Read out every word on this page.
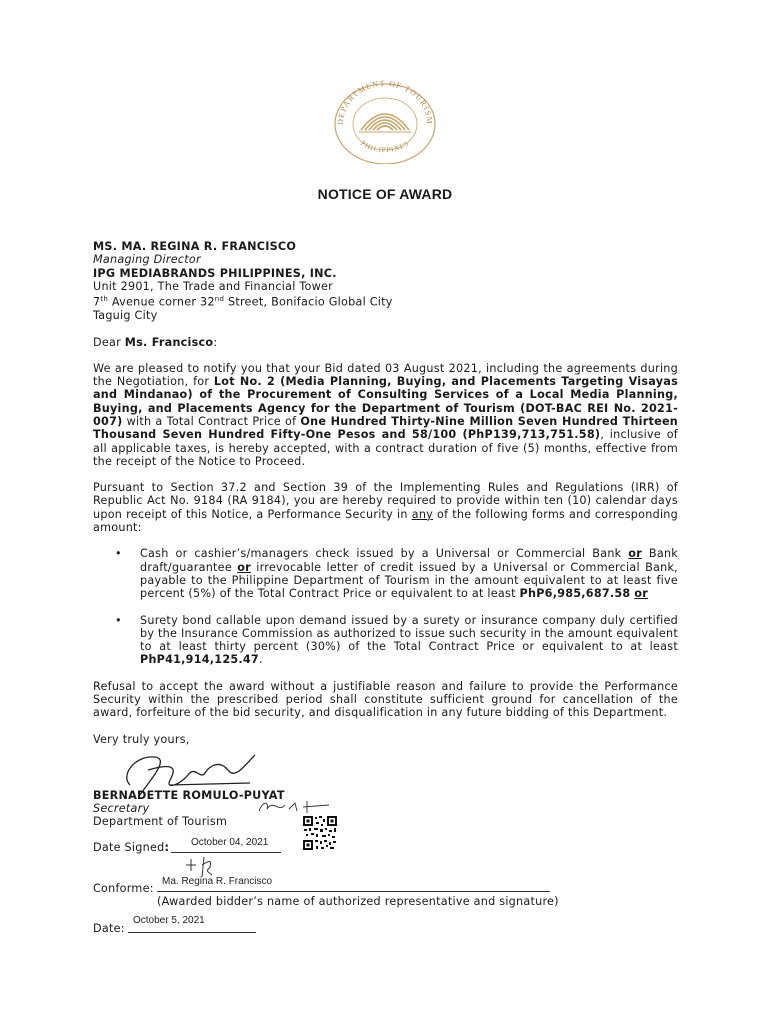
DEPARTMENT OF TOURISM
PHILIPPINES
NOTICE OF AWARD
MS. MA. REGINA R. FRANCISCO
Managing Director
IPG MEDIABRANDS PHILIPPINES, INC.
Unit 2901, The Trade and Financial Tower
7th Avenue corner 32nd Street, Bonifacio Global City
Taguig City

Dear Ms. Francisco:

We are pleased to notify you that your Bid dated 03 August 2021, including the agreements during the Negotiation, for Lot No. 2 (Media Planning, Buying, and Placements Targeting Visayas and Mindanao) of the Procurement of Consulting Services of a Local Media Planning, Buying, and Placements Agency for the Department of Tourism (DOT-BAC REI No. 2021-007) with a Total Contract Price of One Hundred Thirty-Nine Million Seven Hundred Thirteen Thousand Seven Hundred Fifty-One Pesos and 58/100 (PhP139,713,751.58), inclusive of all applicable taxes, is hereby accepted, with a contract duration of five (5) months, effective from the receipt of the Notice to Proceed.

Pursuant to Section 37.2 and Section 39 of the Implementing Rules and Regulations (IRR) of Republic Act No. 9184 (RA 9184), you are hereby required to provide within ten (10) calendar days upon receipt of this Notice, a Performance Security in any of the following forms and corresponding amount:

• Cash or cashier’s/managers check issued by a Universal or Commercial Bank or Bank draft/guarantee or irrevocable letter of credit issued by a Universal or Commercial Bank, payable to the Philippine Department of Tourism in the amount equivalent to at least five percent (5%) of the Total Contract Price or equivalent to at least PhP6,985,687.58 or
• Surety bond callable upon demand issued by a surety or insurance company duly certified by the Insurance Commission as authorized to issue such security in the amount equivalent to at least thirty percent (30%) of the Total Contract Price or equivalent to at least PhP41,914,125.47.

Refusal to accept the award without a justifiable reason and failure to provide the Performance Security within the prescribed period shall constitute sufficient ground for cancellation of the award, forfeiture of the bid security, and disqualification in any future bidding of this Department.

Very truly yours,

BERNADETTE ROMULO-PUYAT
Secretary
Department of Tourism
Date Signed: October 04, 2021
Conforme:
Ma. Regina R. Francisco
(Awarded bidder’s name of authorized representative and signature)
Date:
October 5, 2021
